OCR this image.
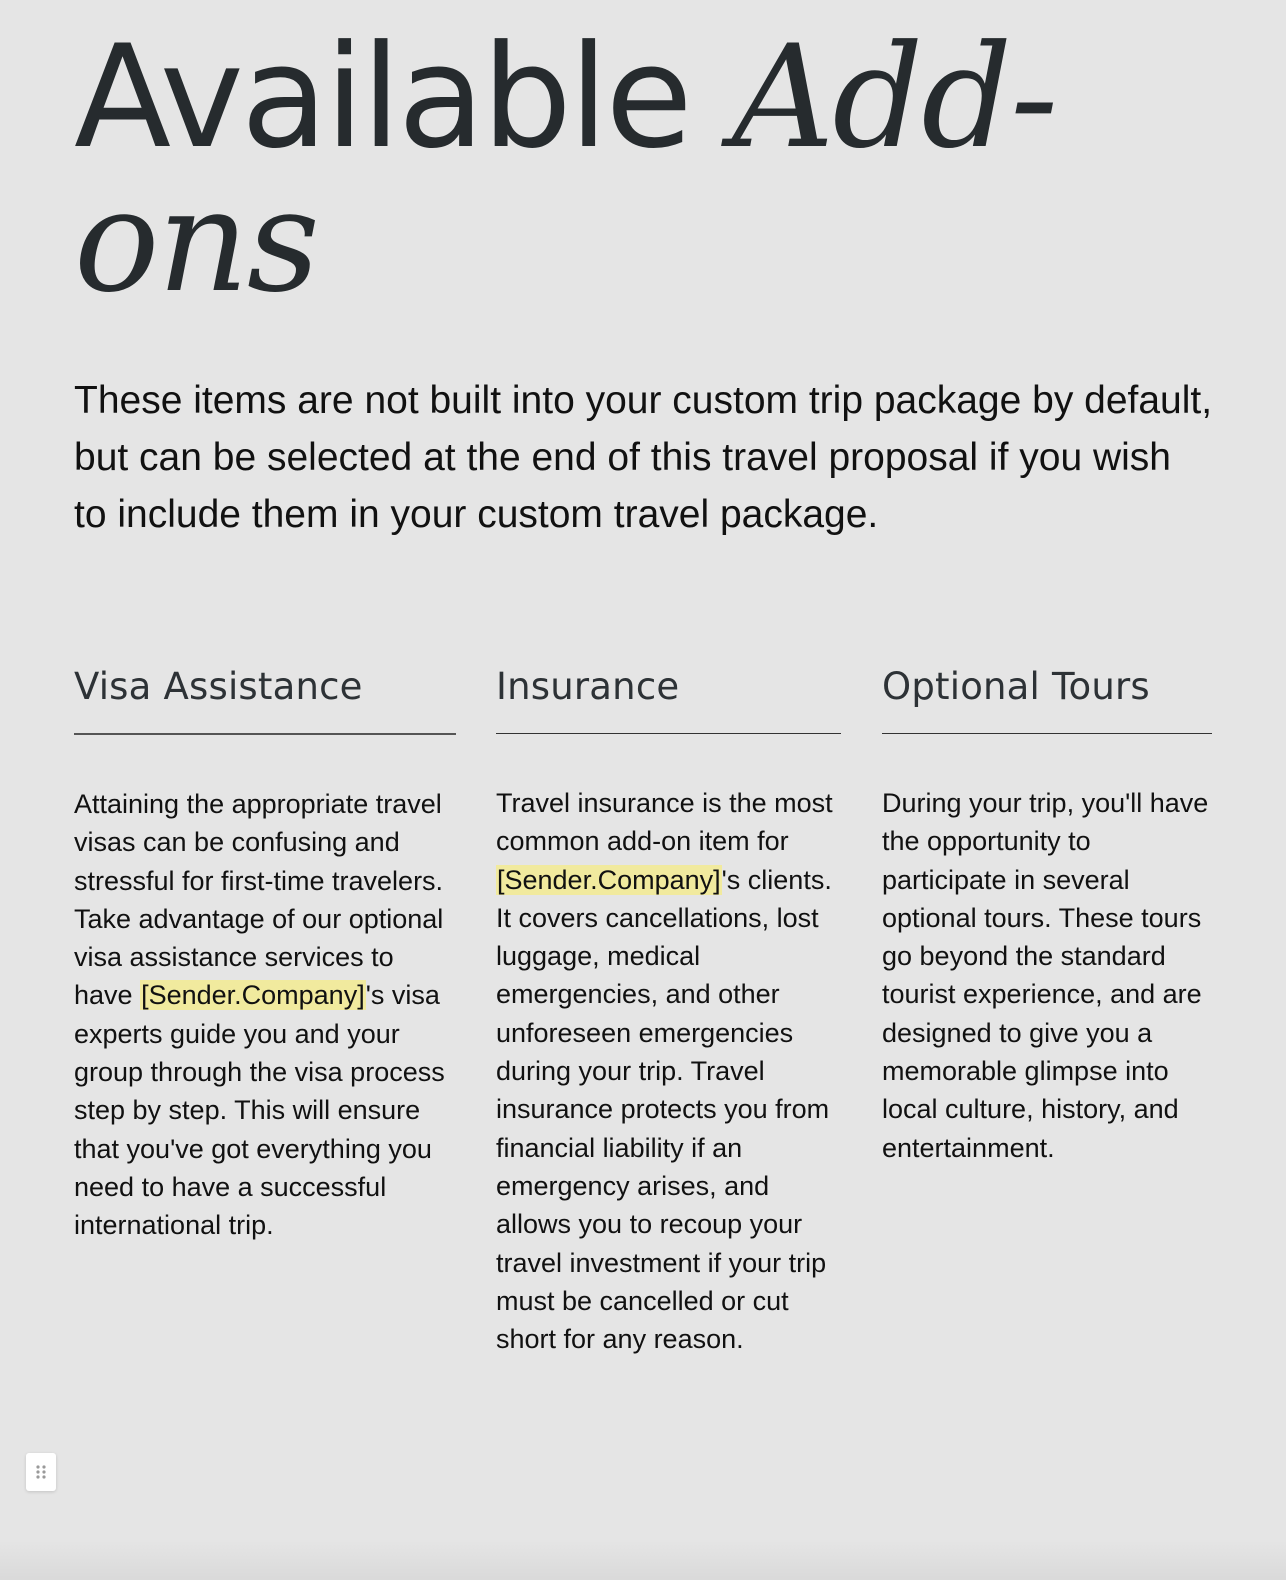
Available Add-ons

These items are not built into your custom trip package by default, but can be selected at the end of this travel proposal if you wish to include them in your custom travel package.

Visa Assistance

Attaining the appropriate travel visas can be confusing and stressful for first-time travelers. Take advantage of our optional visa assistance services to have [Sender.Company]'s visa experts guide you and your group through the visa process step by step. This will ensure that you've got everything you need to have a successful international trip.

Insurance

Travel insurance is the most common add-on item for [Sender.Company]'s clients. It covers cancellations, lost luggage, medical emergencies, and other unforeseen emergencies during your trip. Travel insurance protects you from financial liability if an emergency arises, and allows you to recoup your travel investment if your trip must be cancelled or cut short for any reason.

Optional Tours

During your trip, you'll have the opportunity to participate in several optional tours. These tours go beyond the standard tourist experience, and are designed to give you a memorable glimpse into local culture, history, and entertainment.
